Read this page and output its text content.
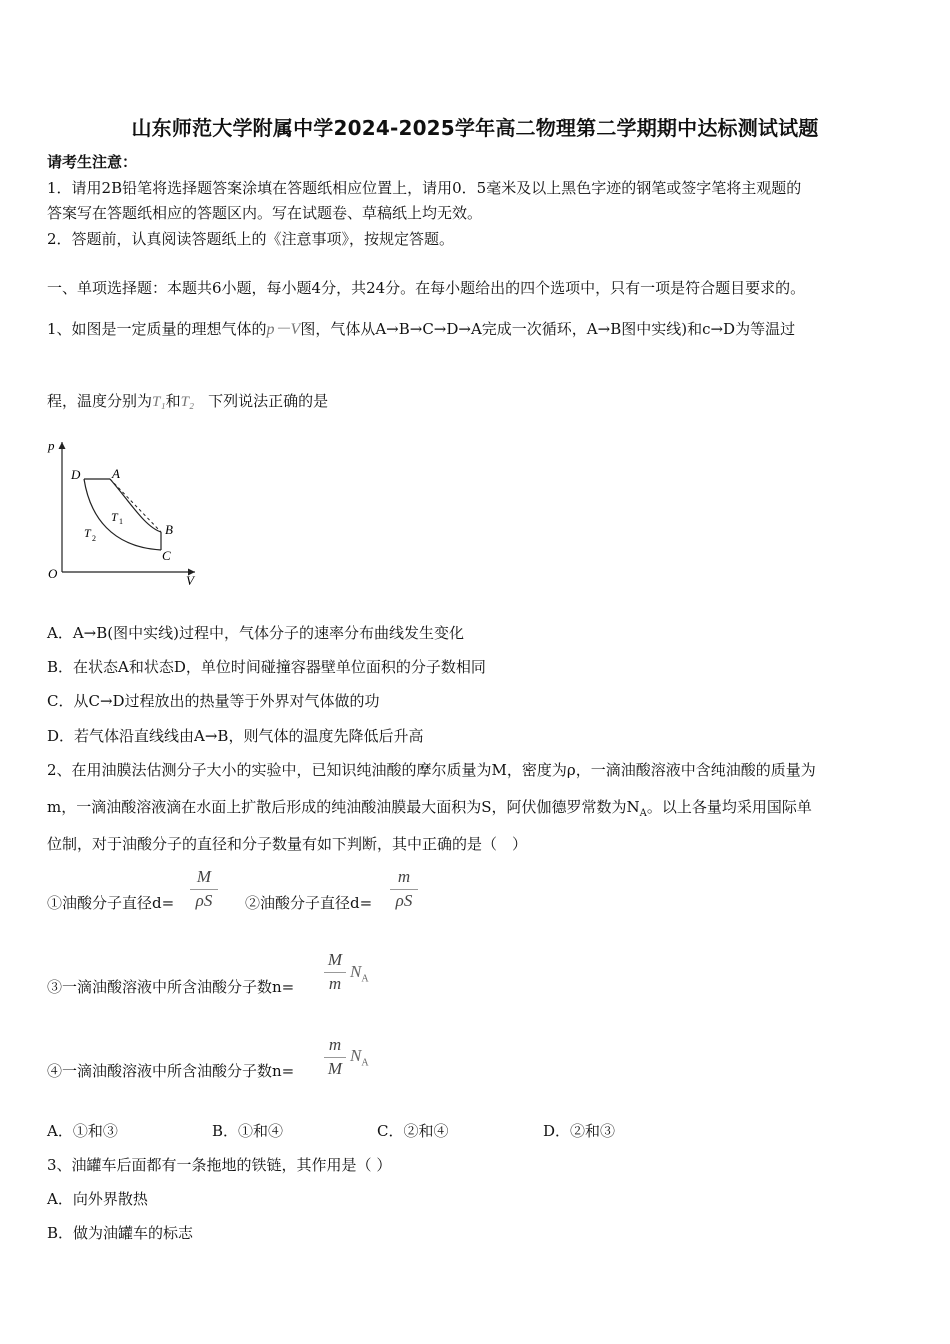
山东师范大学附属中学2024-2025学年高二物理第二学期期中达标测试试题
请考生注意：
1．请用2B铅笔将选择题答案涂填在答题纸相应位置上，请用0．5毫米及以上黑色字迹的钢笔或签字笔将主观题的
答案写在答题纸相应的答题区内。写在试题卷、草稿纸上均无效。
2．答题前，认真阅读答题纸上的《注意事项》，按规定答题。
一、单项选择题：本题共6小题，每小题4分，共24分。在每小题给出的四个选项中，只有一项是符合题目要求的。
1、如图是一定质量的理想气体的p－V图，气体从A→B→C→D→A完成一次循环，A→B图中实线)和c→D为等温过
程，温度分别为T₁和T₂ 下列说法正确的是
p
V
O
D A
B
C
T 1
T 2
A．A→B(图中实线)过程中，气体分子的速率分布曲线发生变化
B．在状态A和状态D，单位时间碰撞容器壁单位面积的分子数相同
C．从C→D过程放出的热量等于外界对气体做的功
D．若气体沿直线线由A→B，则气体的温度先降低后升高
2、在用油膜法估测分子大小的实验中，已知识纯油酸的摩尔质量为M，密度为ρ，一滴油酸溶液中含纯油酸的质量为
m，一滴油酸溶液滴在水面上扩散后形成的纯油酸油膜最大面积为S，阿伏伽德罗常数为$N_A$。以上各量均采用国际单
位制，对于油酸分子的直径和分子数量有如下判断，其中正确的是（　）
①油酸分子直径d=
M
ρS	②油酸分子直径d=
m
ρS
③一滴油酸溶液中所含油酸分子数n=
M
m
$N_A$
④一滴油酸溶液中所含油酸分子数n=
m
M
$N_A$
A．①和③	B．①和④	C．②和④	D．②和③
3、油罐车后面都有一条拖地的铁链，其作用是（ ）
A．向外界散热
B．做为油罐车的标志
